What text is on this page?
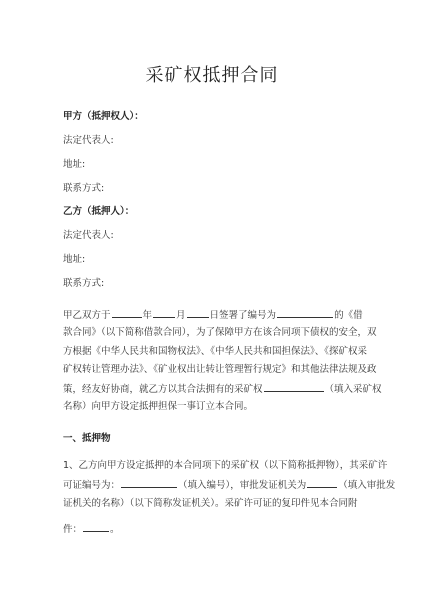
采矿权抵押合同
甲方（抵押权人）：
法定代表人:
地址:
联系方式:
乙方（抵押人）：
法定代表人:
地址:
联系方式:
甲乙双方于	年	月	日签署了编号为	的《借
款合同》（以下简称借款合同），为了保障甲方在该合同项下债权的安全，双
方根据《中华人民共和国物权法》、《中华人民共和国担保法》、《探矿权采
矿权转让管理办法》、《矿业权出让转让管理暂行规定》和其他法律法规及政
策，经友好协商，就乙方以其合法拥有的采矿权	（填入采矿权
名称）向甲方设定抵押担保一事订立本合同。
一、抵押物
1、乙方向甲方设定抵押的本合同项下的采矿权（以下简称抵押物），其采矿许
可证编号为：	（填入编号），审批发证机关为	（填入审批发
证机关的名称）（以下简称发证机关）。采矿许可证的复印件见本合同附
件：	。
